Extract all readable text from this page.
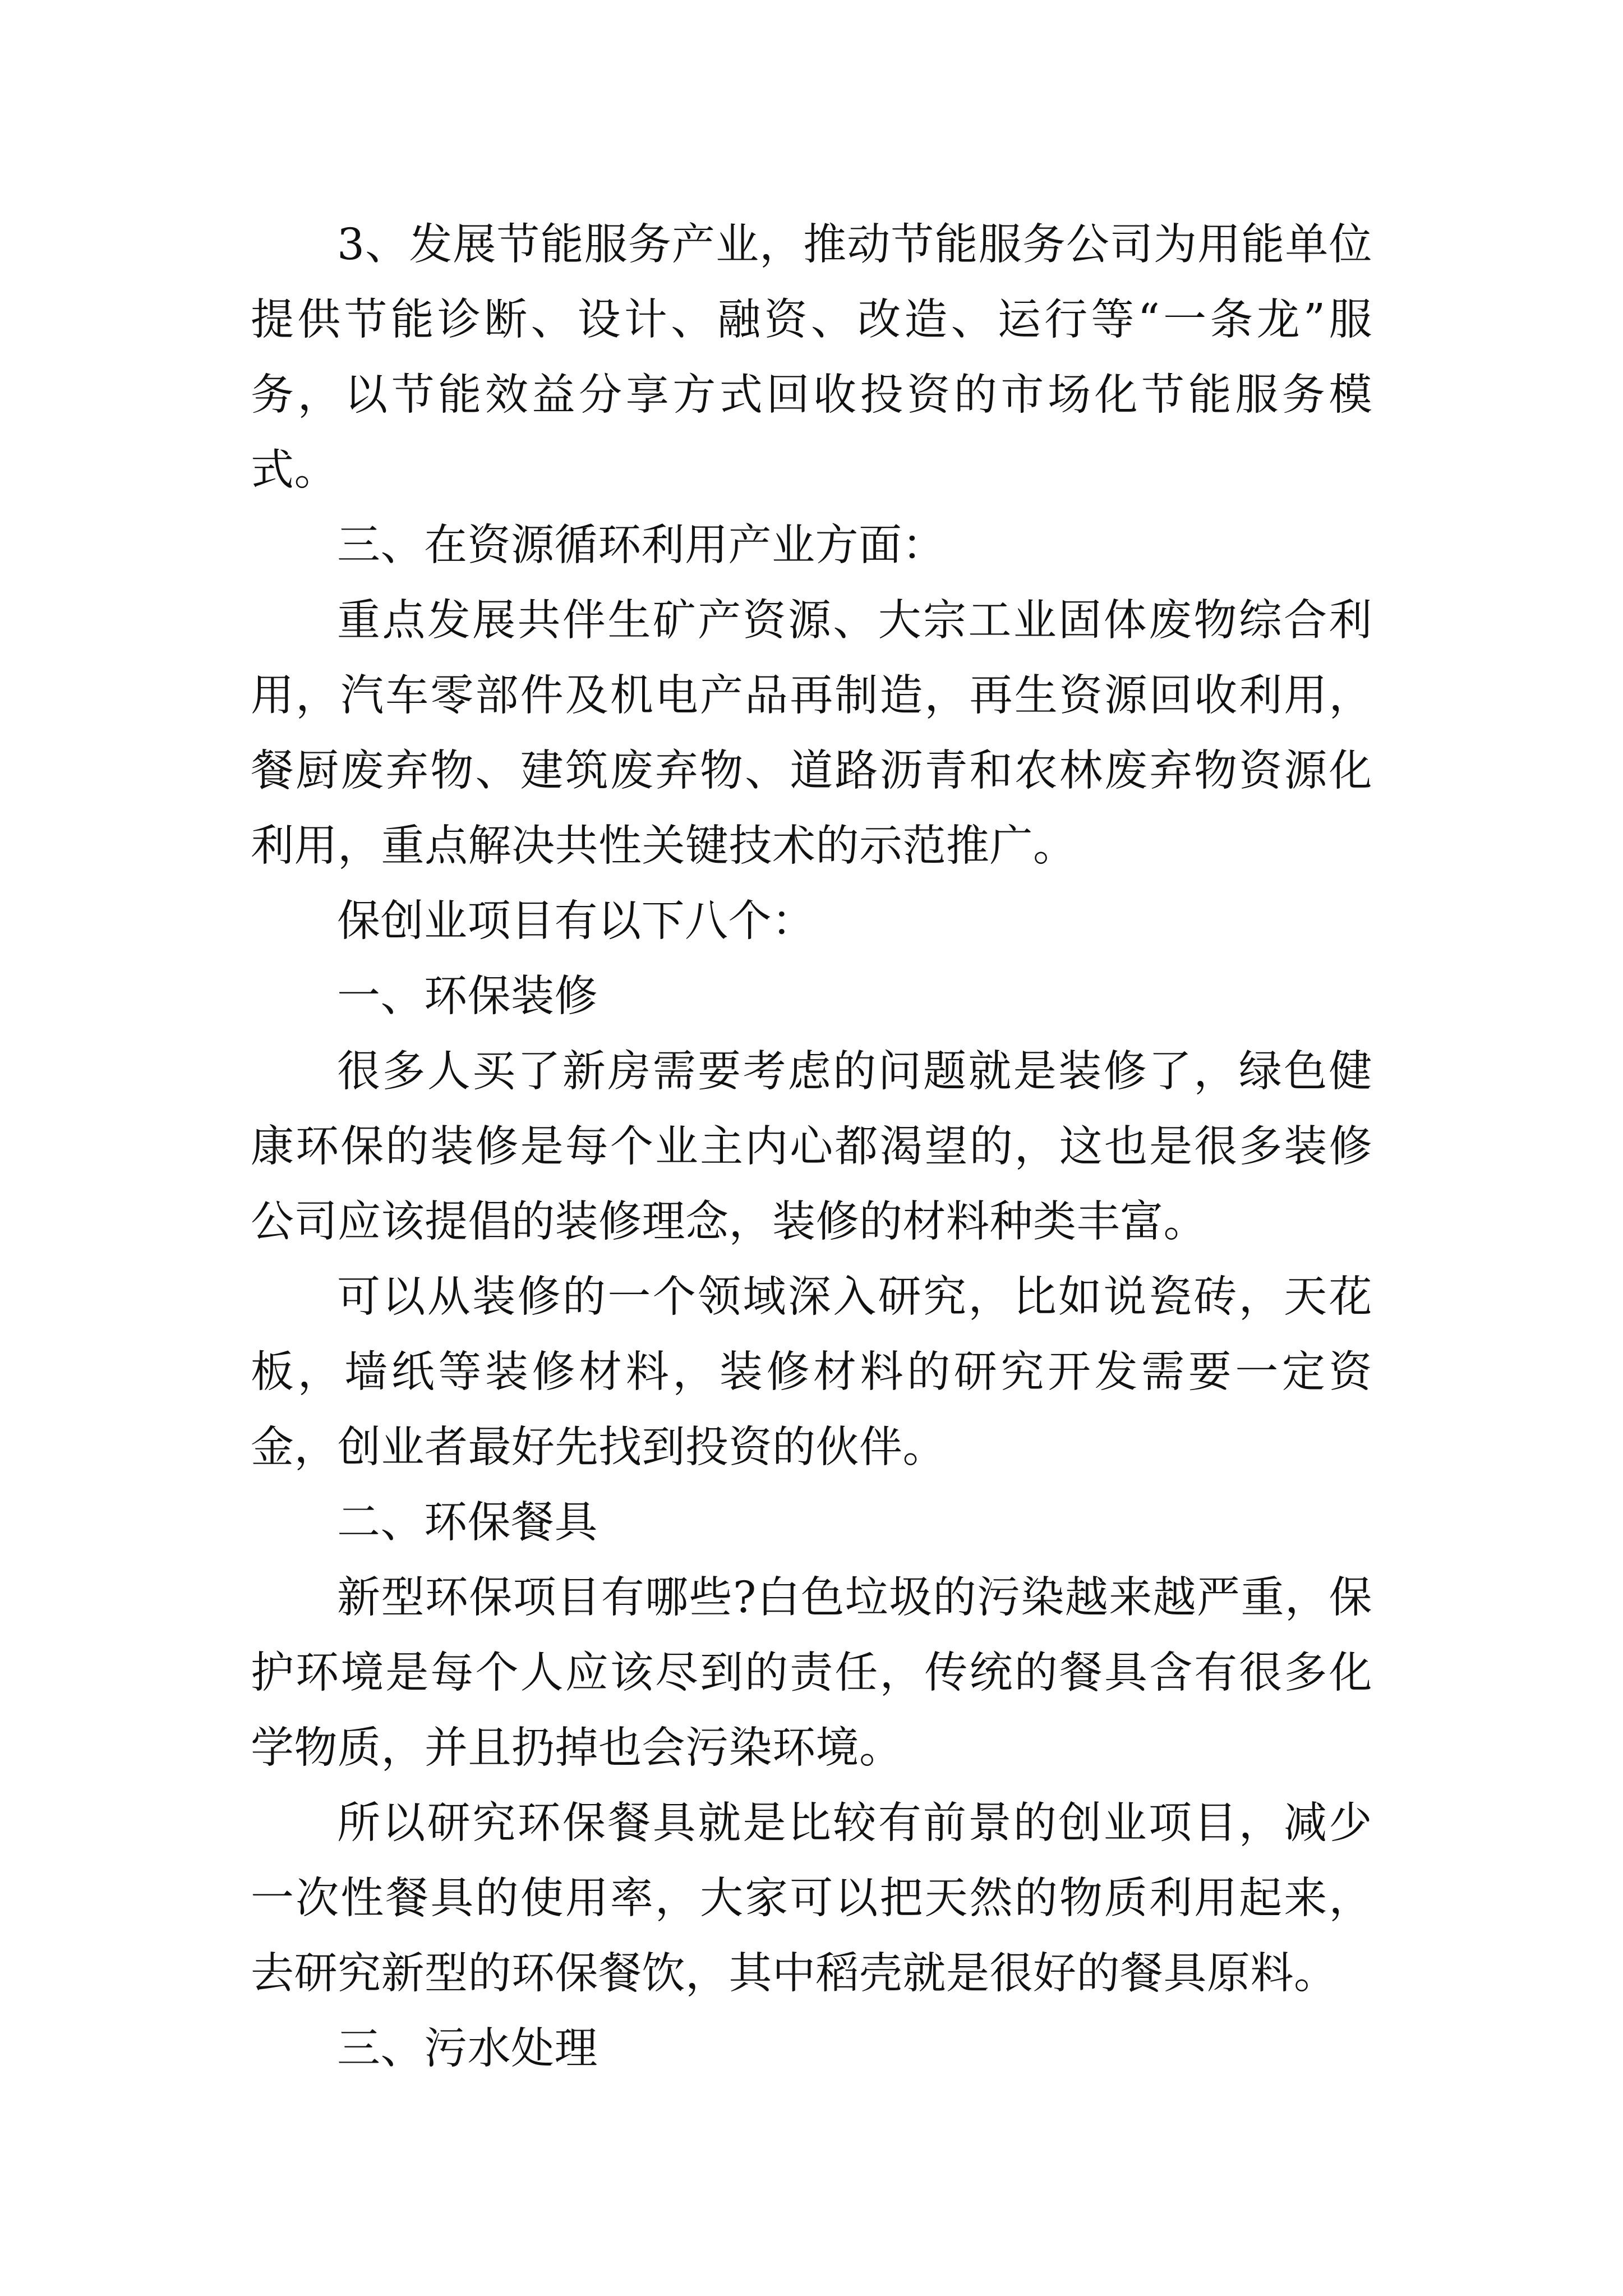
3、发展节能服务产业，推动节能服务公司为用能单位提供节能诊断、设计、融资、改造、运行等“一条龙”服务，以节能效益分享方式回收投资的市场化节能服务模式。

三、在资源循环利用产业方面：

重点发展共伴生矿产资源、大宗工业固体废物综合利用，汽车零部件及机电产品再制造，再生资源回收利用，餐厨废弃物、建筑废弃物、道路沥青和农林废弃物资源化利用，重点解决共性关键技术的示范推广。

保创业项目有以下八个：

一、环保装修

很多人买了新房需要考虑的问题就是装修了，绿色健康环保的装修是每个业主内心都渴望的，这也是很多装修公司应该提倡的装修理念，装修的材料种类丰富。

可以从装修的一个领域深入研究，比如说瓷砖，天花板，墙纸等装修材料，装修材料的研究开发需要一定资金，创业者最好先找到投资的伙伴。

二、环保餐具

新型环保项目有哪些?白色垃圾的污染越来越严重，保护环境是每个人应该尽到的责任，传统的餐具含有很多化学物质，并且扔掉也会污染环境。

所以研究环保餐具就是比较有前景的创业项目，减少一次性餐具的使用率，大家可以把天然的物质利用起来，去研究新型的环保餐饮，其中稻壳就是很好的餐具原料。

三、污水处理
